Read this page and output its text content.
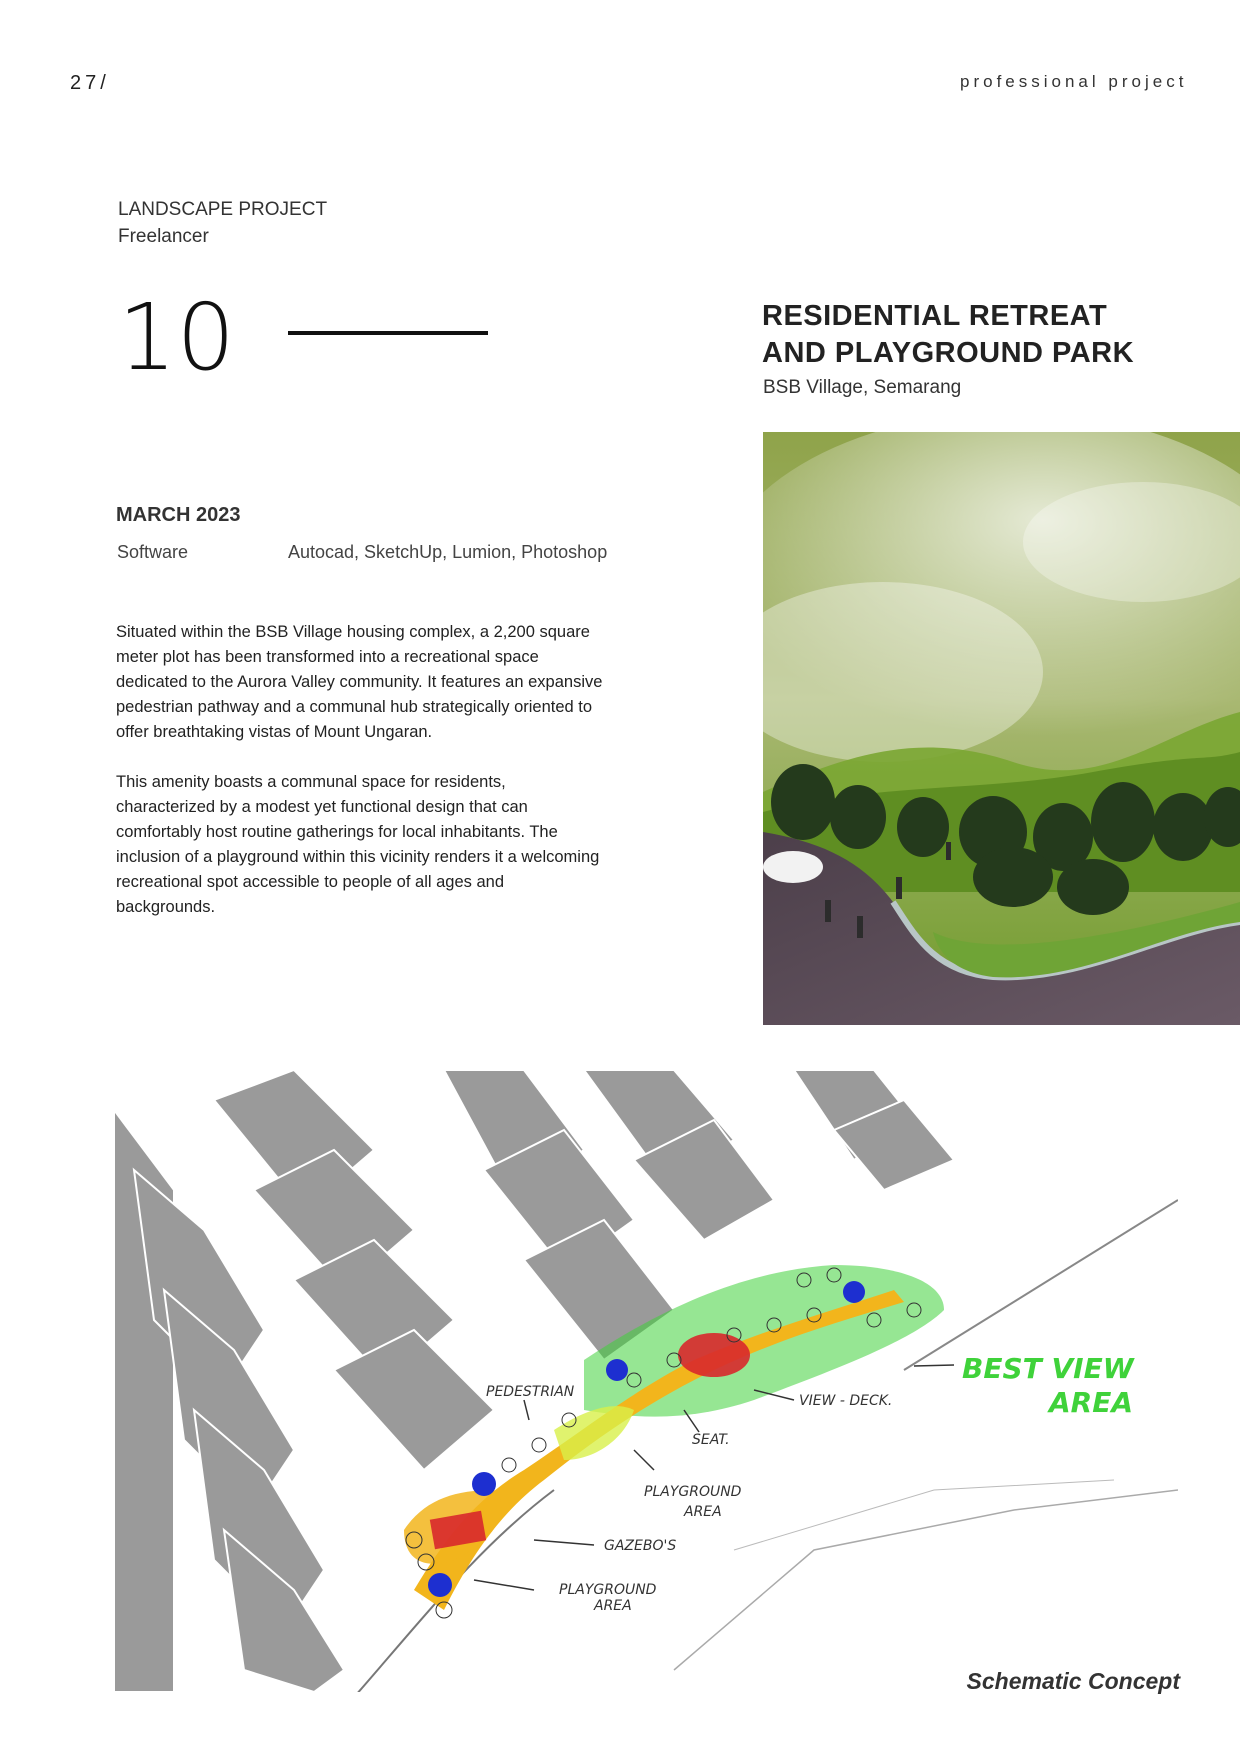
27/	professional project
LANDSCAPE PROJECT
Freelancer
10	RESIDENTIAL RETREAT
AND PLAYGROUND PARK
BSB Village, Semarang
MARCH 2023
Software	Autocad, SketchUp, Lumion, Photoshop
Situated within the BSB Village housing complex, a 2,200 square meter plot has been transformed into a recreational space dedicated to the Aurora Valley community. It features an expansive pedestrian pathway and a communal hub strategically oriented to offer breathtaking vistas of Mount Ungaran.
This amenity boasts a communal space for residents, characterized by a modest yet functional design that can comfortably host routine gatherings for local inhabitants. The inclusion of a playground within this vicinity renders it a welcoming recreational spot accessible to people of all ages and backgrounds.
PEDESTRIAN
VIEW - DECK.
SEAT.
PLAYGROUND
AREA
GAZEBO'S
PLAYGROUND
AREA
BEST VIEW
AREA
Schematic Concept
